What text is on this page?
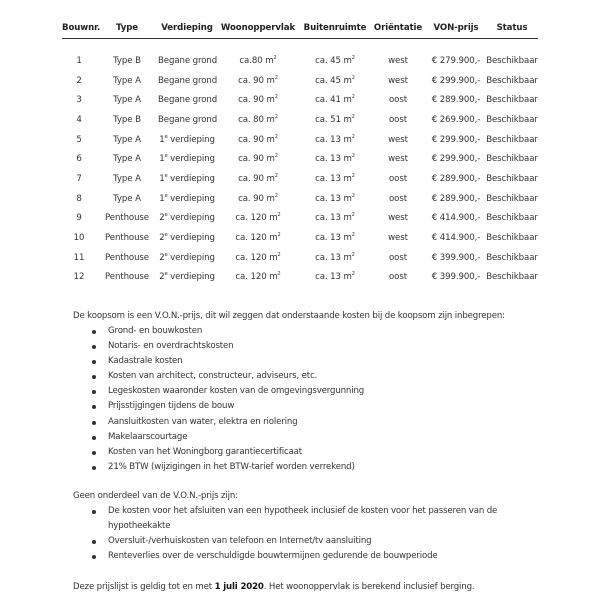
Bouwnr.	Type	Verdieping	Woonoppervlak	Buitenruimte	Oriëntatie	VON-prijs	Status
1	Type B	Begane grond	ca.80 $m^2$	ca. 45 $m^2$	west	€ 279.900,-	Beschikbaar
2	Type A	Begane grond	ca. 90 $m^2$	ca. 45 $m^2$	west	€ 299.900,-	Beschikbaar
3	Type A	Begane grond	ca. 90 $m^2$	ca. 41 $m^2$	oost	€ 289.900,-	Beschikbaar
4	Type B	Begane grond	ca. 80 $m^2$	ca. 51 $m^2$	oost	€ 269.900,-	Beschikbaar
5	Type A	1e verdieping	ca. 90 $m^2$	ca. 13 $m^2$	west	€ 299.900,-	Beschikbaar
6	Type A	1e verdieping	ca. 90 $m^2$	ca. 13 $m^2$	west	€ 299.900,-	Beschikbaar
7	Type A	1e verdieping	ca. 90 $m^2$	ca. 13 $m^2$	oost	€ 289.900,-	Beschikbaar
8	Type A	1e verdieping	ca. 90 $m^2$	ca. 13 $m^2$	oost	€ 289.900,-	Beschikbaar
9	Penthouse	2e verdieping	ca. 120 $m^2$	ca. 13 $m^2$	west	€ 414.900,-	Beschikbaar
10	Penthouse	2e verdieping	ca. 120 $m^2$	ca. 13 $m^2$	west	€ 414.900,-	Beschikbaar
11	Penthouse	2e verdieping	ca. 120 $m^2$	ca. 13 $m^2$	oost	€ 399.900,-	Beschikbaar
12	Penthouse	2e verdieping	ca. 120 $m^2$	ca. 13 $m^2$	oost	€ 399.900,-	Beschikbaar
De koopsom is een V.O.N.-prijs, dit wil zeggen dat onderstaande kosten bij de koopsom zijn inbegrepen:
Grond- en bouwkosten
Notaris- en overdrachtskosten
Kadastrale kosten
Kosten van architect, constructeur, adviseurs, etc.
Legeskosten waaronder kosten van de omgevingsvergunning
Prijsstijgingen tijdens de bouw
Aansluitkosten van water, elektra en riolering
Makelaarscourtage
Kosten van het Woningborg garantiecertificaat
21% BTW (wijzigingen in het BTW-tarief worden verrekend)
Geen onderdeel van de V.O.N.-prijs zijn:
De kosten voor het afsluiten van een hypotheek inclusief de kosten voor het passeren van de
hypotheekakte
Oversluit-/verhuiskosten van telefoon en Internet/tv aansluiting
Renteverlies over de verschuldigde bouwtermijnen gedurende de bouwperiode
Deze prijslijst is geldig tot en met 1 juli 2020. Het woonoppervlak is berekend inclusief berging.
